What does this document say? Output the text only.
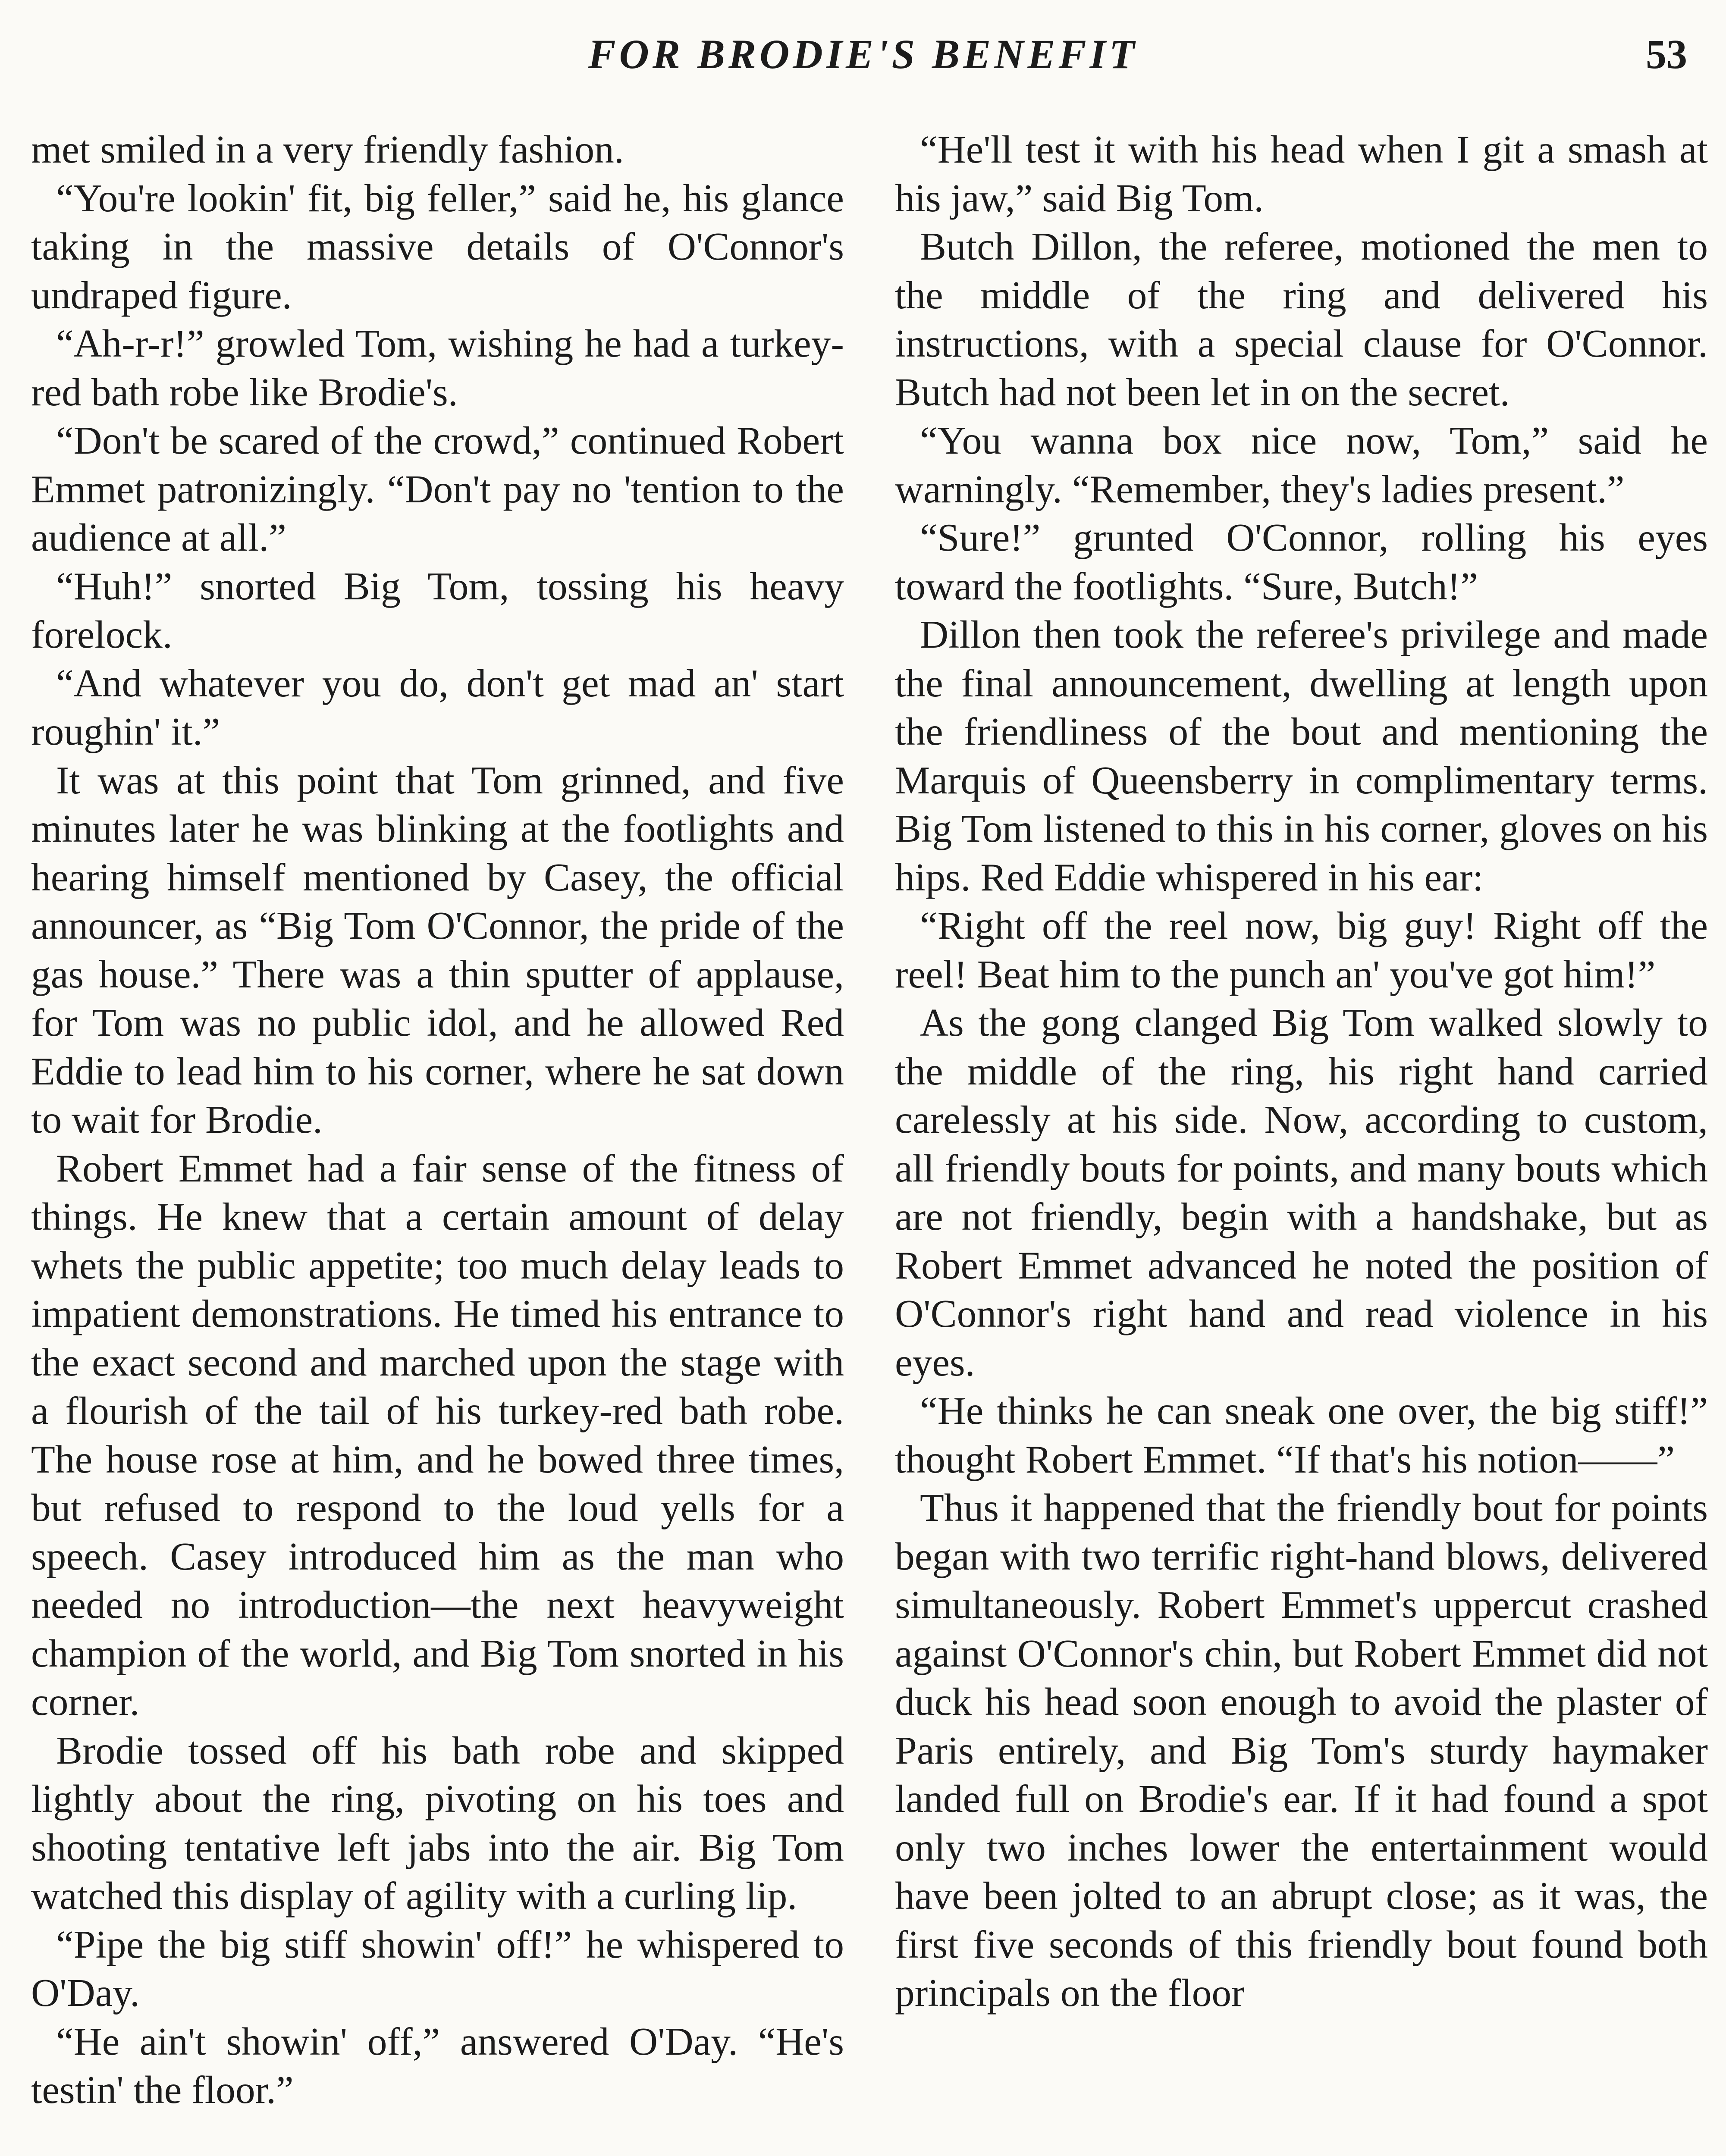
FOR BRODIE'S BENEFIT	53

met smiled in a very friendly fashion.

“You're lookin' fit, big feller,” said he, his glance taking in the massive details of O'Connor's undraped figure.

“Ah-r-r!” growled Tom, wishing he had a turkey-red bath robe like Brodie's.

“Don't be scared of the crowd,” continued Robert Emmet patronizingly. “Don't pay no 'tention to the audience at all.”

“Huh!” snorted Big Tom, tossing his heavy forelock.

“And whatever you do, don't get mad an' start roughin' it.”

It was at this point that Tom grinned, and five minutes later he was blinking at the footlights and hearing himself mentioned by Casey, the official announcer, as “Big Tom O'Connor, the pride of the gas house.” There was a thin sputter of applause, for Tom was no public idol, and he allowed Red Eddie to lead him to his corner, where he sat down to wait for Brodie.

Robert Emmet had a fair sense of the fitness of things. He knew that a certain amount of delay whets the public appetite; too much delay leads to impatient demonstrations. He timed his entrance to the exact second and marched upon the stage with a flourish of the tail of his turkey-red bath robe. The house rose at him, and he bowed three times, but refused to respond to the loud yells for a speech. Casey introduced him as the man who needed no introduction—the next heavyweight champion of the world, and Big Tom snorted in his corner.

Brodie tossed off his bath robe and skipped lightly about the ring, pivoting on his toes and shooting tentative left jabs into the air. Big Tom watched this display of agility with a curling lip.

“Pipe the big stiff showin' off!” he whispered to O'Day.

“He ain't showin' off,” answered O'Day. “He's testin' the floor.”

“He'll test it with his head when I git a smash at his jaw,” said Big Tom.

Butch Dillon, the referee, motioned the men to the middle of the ring and delivered his instructions, with a special clause for O'Connor. Butch had not been let in on the secret.

“You wanna box nice now, Tom,” said he warningly. “Remember, they's ladies present.”

“Sure!” grunted O'Connor, rolling his eyes toward the footlights. “Sure, Butch!”

Dillon then took the referee's privilege and made the final announcement, dwelling at length upon the friendliness of the bout and mentioning the Marquis of Queensberry in complimentary terms. Big Tom listened to this in his corner, gloves on his hips. Red Eddie whispered in his ear:

“Right off the reel now, big guy! Right off the reel! Beat him to the punch an' you've got him!”

As the gong clanged Big Tom walked slowly to the middle of the ring, his right hand carried carelessly at his side. Now, according to custom, all friendly bouts for points, and many bouts which are not friendly, begin with a handshake, but as Robert Emmet advanced he noted the position of O'Connor's right hand and read violence in his eyes.

“He thinks he can sneak one over, the big stiff!” thought Robert Emmet. “If that's his notion——”

Thus it happened that the friendly bout for points began with two terrific right-hand blows, delivered simultaneously. Robert Emmet's uppercut crashed against O'Connor's chin, but Robert Emmet did not duck his head soon enough to avoid the plaster of Paris entirely, and Big Tom's sturdy haymaker landed full on Brodie's ear. If it had found a spot only two inches lower the entertainment would have been jolted to an abrupt close; as it was, the first five seconds of this friendly bout found both principals on the floor
